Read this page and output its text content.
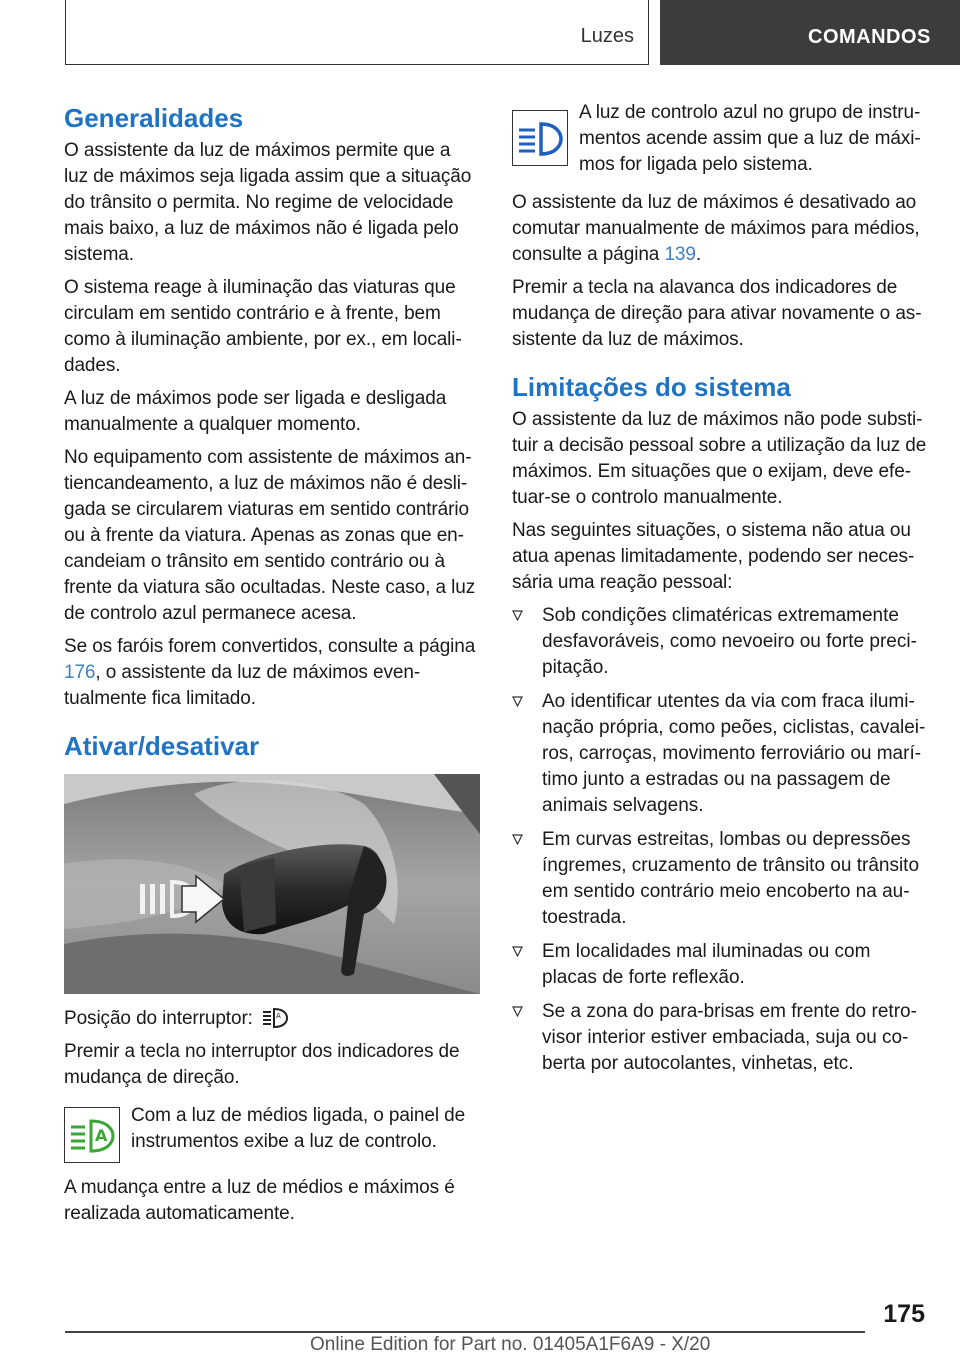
Luzes	COMANDOS
Generalidades

O assistente da luz de máximos permite que a luz de máximos seja ligada assim que a situação do trânsito o permita. No regime de velocidade mais baixo, a luz de máximos não é ligada pelo sistema.

O sistema reage à iluminação das viaturas que circulam em sentido contrário e à frente, bem como à iluminação ambiente, por ex., em localidades.

A luz de máximos pode ser ligada e desligada manualmente a qualquer momento.

No equipamento com assistente de máximos antiencandeamento, a luz de máximos não é desligada se circularem viaturas em sentido contrário ou à frente da viatura. Apenas as zonas que encandeiam o trânsito em sentido contrário ou à frente da viatura são ocultadas. Neste caso, a luz de controlo azul permanece acesa.

Se os faróis forem convertidos, consulte a página 176, o assistente da luz de máximos eventualmente fica limitado.

Ativar/desativar

Posição do interruptor:	A

Premir a tecla no interruptor dos indicadores de mudança de direção.

A

Com a luz de médios ligada, o painel de instrumentos exibe a luz de controlo.

A mudança entre a luz de médios e máximos é realizada automaticamente.

A luz de controlo azul no grupo de instrumentos acende assim que a luz de máximos for ligada pelo sistema.

O assistente da luz de máximos é desativado ao comutar manualmente de máximos para médios, consulte a página 139.

Premir a tecla na alavanca dos indicadores de mudança de direção para ativar novamente o assistente da luz de máximos.

Limitações do sistema

O assistente da luz de máximos não pode substituir a decisão pessoal sobre a utilização da luz de máximos. Em situações que o exijam, deve efetuar-se o controlo manualmente.

Nas seguintes situações, o sistema não atua ou atua apenas limitadamente, podendo ser necessária uma reação pessoal:

Sob condições climatéricas extremamente desfavoráveis, como nevoeiro ou forte precipitação.
Ao identificar utentes da via com fraca iluminação própria, como peões, ciclistas, cavaleiros, carroças, movimento ferroviário ou marítimo junto a estradas ou na passagem de animais selvagens.
Em curvas estreitas, lombas ou depressões íngremes, cruzamento de trânsito ou trânsito em sentido contrário meio encoberto na autoestrada.
Em localidades mal iluminadas ou com placas de forte reflexão.
Se a zona do para-brisas em frente do retrovisor interior estiver embaciada, suja ou coberta por autocolantes, vinhetas, etc.
175
Online Edition for Part no. 01405A1F6A9 - X/20
